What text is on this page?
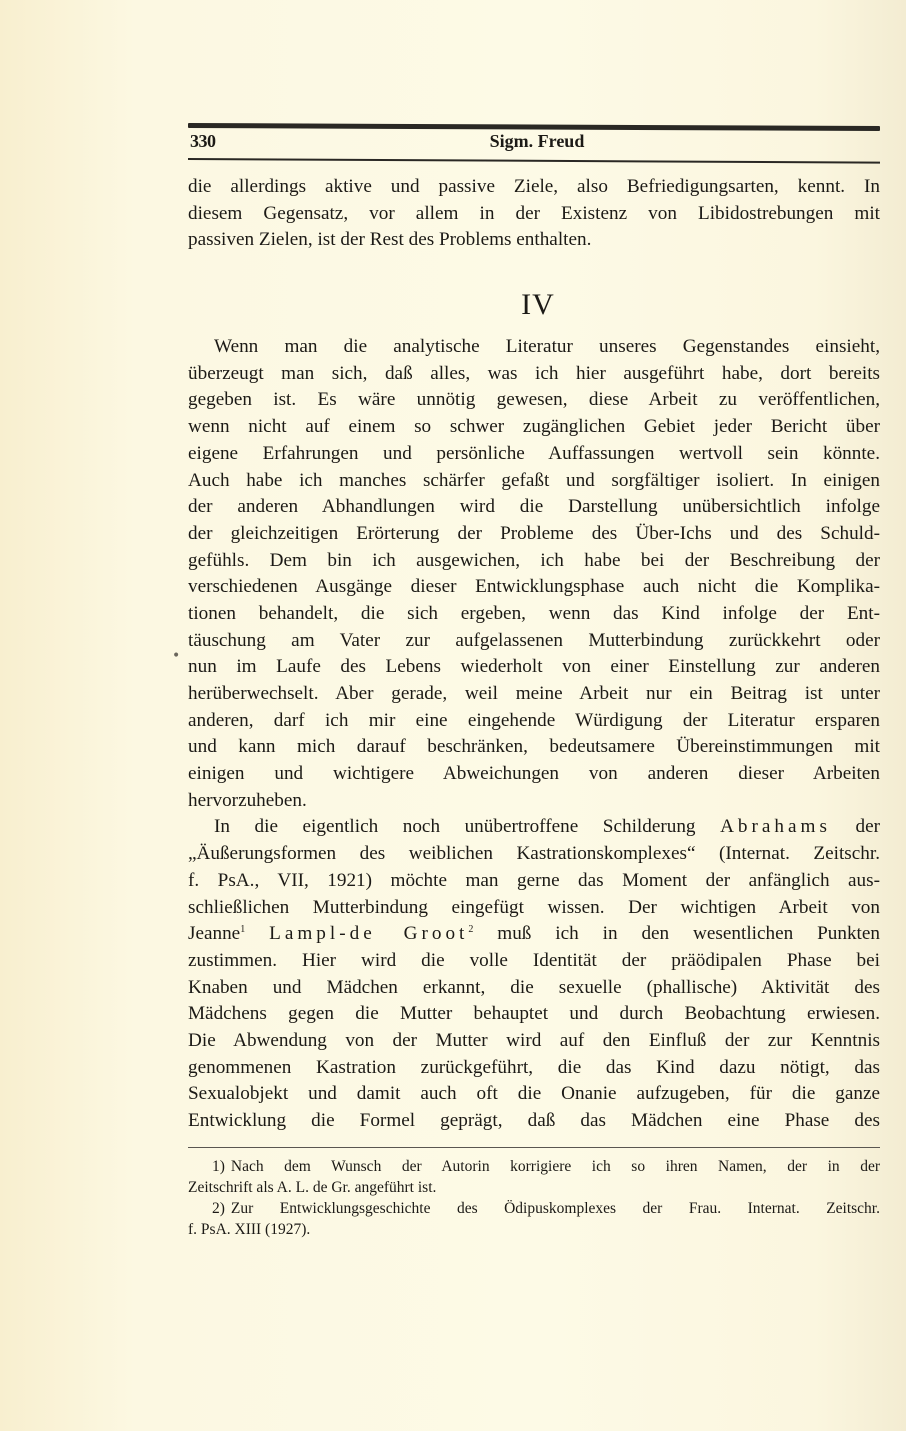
•
330	Sigm. Freud
die allerdings aktive und passive Ziele, also Befriedigungsarten, kennt. In
diesem Gegensatz, vor allem in der Existenz von Libidostrebungen mit
passiven Zielen, ist der Rest des Problems enthalten.
IV
Wenn man die analytische Literatur unseres Gegenstandes einsieht,
überzeugt man sich, daß alles, was ich hier ausgeführt habe, dort bereits
gegeben ist. Es wäre unnötig gewesen, diese Arbeit zu veröffentlichen,
wenn nicht auf einem so schwer zugänglichen Gebiet jeder Bericht über
eigene Erfahrungen und persönliche Auffassungen wertvoll sein könnte.
Auch habe ich manches schärfer gefaßt und sorgfältiger isoliert. In einigen
der anderen Abhandlungen wird die Darstellung unübersichtlich infolge
der gleichzeitigen Erörterung der Probleme des Über-Ichs und des Schuld-
gefühls. Dem bin ich ausgewichen, ich habe bei der Beschreibung der
verschiedenen Ausgänge dieser Entwicklungsphase auch nicht die Komplika-
tionen behandelt, die sich ergeben, wenn das Kind infolge der Ent-
täuschung am Vater zur aufgelassenen Mutterbindung zurückkehrt oder
nun im Laufe des Lebens wiederholt von einer Einstellung zur anderen
herüberwechselt. Aber gerade, weil meine Arbeit nur ein Beitrag ist unter
anderen, darf ich mir eine eingehende Würdigung der Literatur ersparen
und kann mich darauf beschränken, bedeutsamere Übereinstimmungen mit
einigen und wichtigere Abweichungen von anderen dieser Arbeiten
hervorzuheben.
In die eigentlich noch unübertroffene Schilderung Abrahams der
„Äußerungsformen des weiblichen Kastrationskomplexes“ (Internat. Zeitschr.
f. PsA., VII, 1921) möchte man gerne das Moment der anfänglich aus-
schließlichen Mutterbindung eingefügt wissen. Der wichtigen Arbeit von
Jeanne$^1$ Lampl-de Groot$^2$ muß ich in den wesentlichen Punkten
zustimmen. Hier wird die volle Identität der präödipalen Phase bei
Knaben und Mädchen erkannt, die sexuelle (phallische) Aktivität des
Mädchens gegen die Mutter behauptet und durch Beobachtung erwiesen.
Die Abwendung von der Mutter wird auf den Einfluß der zur Kenntnis
genommenen Kastration zurückgeführt, die das Kind dazu nötigt, das
Sexualobjekt und damit auch oft die Onanie aufzugeben, für die ganze
Entwicklung die Formel geprägt, daß das Mädchen eine Phase des
1) Nach dem Wunsch der Autorin korrigiere ich so ihren Namen, der in der
Zeitschrift als A. L. de Gr. angeführt ist.
2) Zur Entwicklungsgeschichte des Ödipuskomplexes der Frau. Internat. Zeitschr.
f. PsA. XIII (1927).
